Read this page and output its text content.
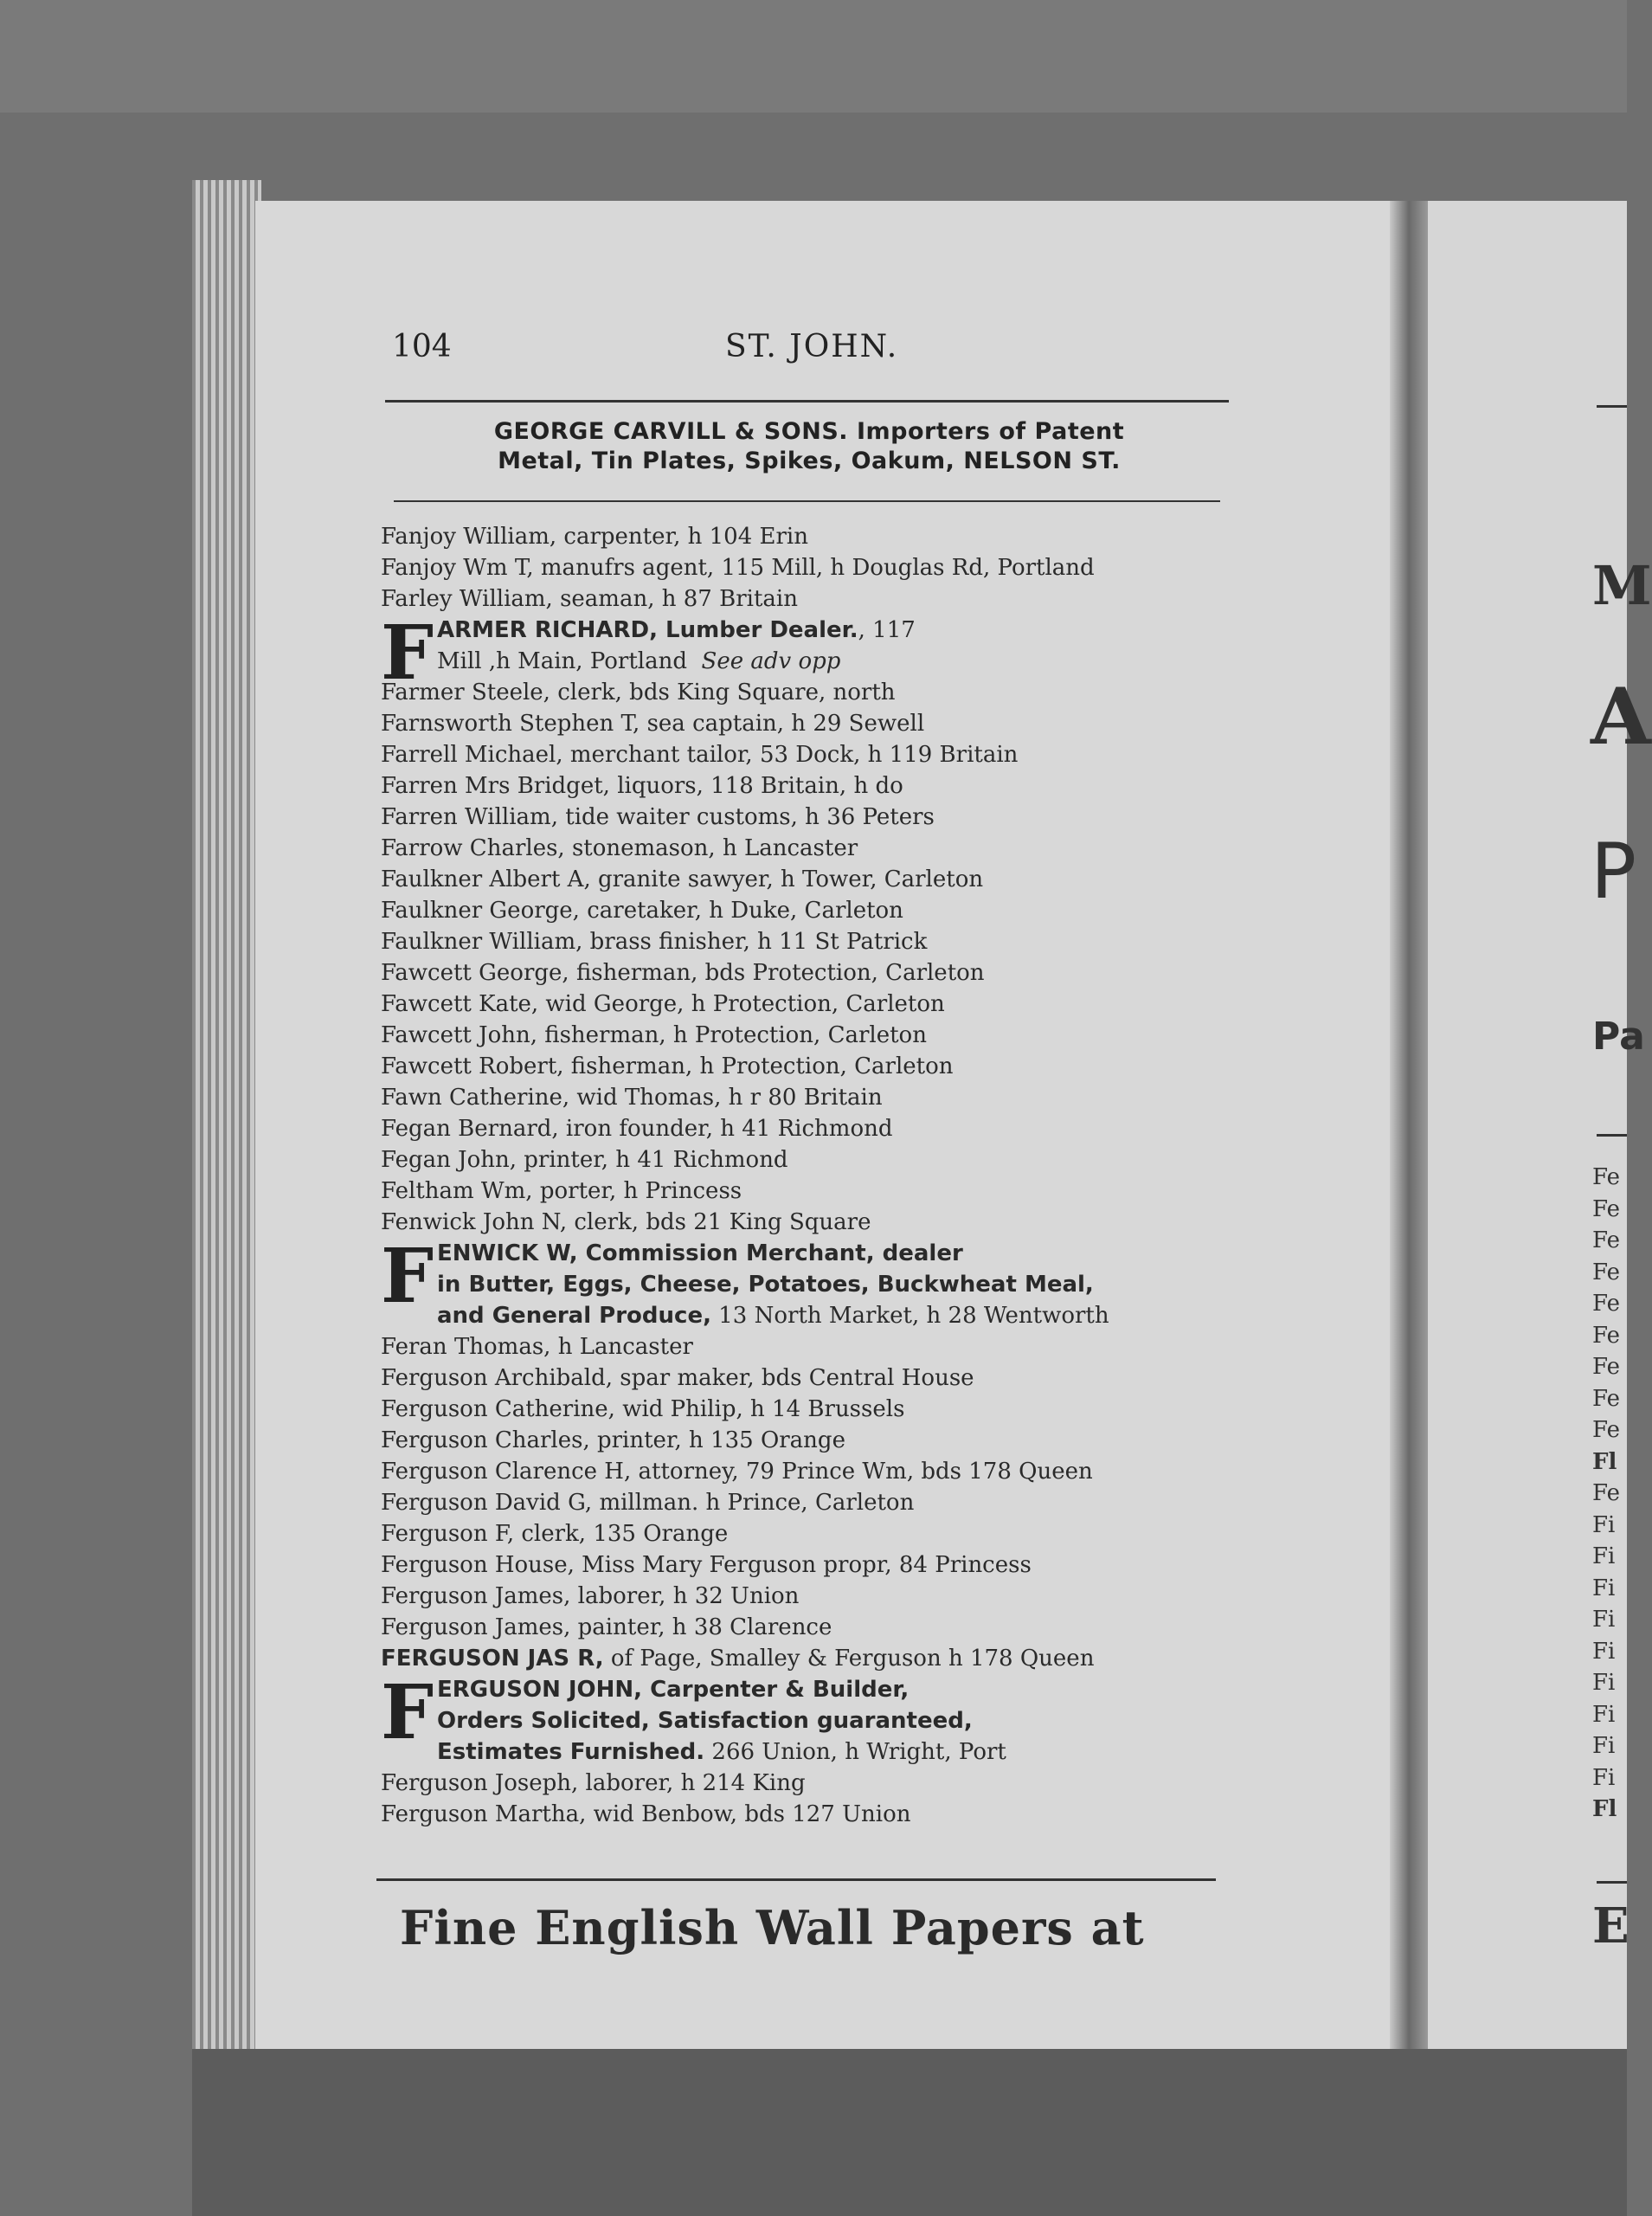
104	ST. JOHN.
GEORGE CARVILL & SONS. Importers of Patent
Metal, Tin Plates, Spikes, Oakum, NELSON ST.
Fanjoy William, carpenter, h 104 Erin
Fanjoy Wm T, manufrs agent, 115 Mill, h Douglas Rd, Portland
Farley William, seaman, h 87 Britain
F ARMER RICHARD, Lumber Dealer., 117
Mill ,h Main, Portland See adv opp
Farmer Steele, clerk, bds King Square, north
Farnsworth Stephen T, sea captain, h 29 Sewell
Farrell Michael, merchant tailor, 53 Dock, h 119 Britain
Farren Mrs Bridget, liquors, 118 Britain, h do
Farren William, tide waiter customs, h 36 Peters
Farrow Charles, stonemason, h Lancaster
Faulkner Albert A, granite sawyer, h Tower, Carleton
Faulkner George, caretaker, h Duke, Carleton
Faulkner William, brass finisher, h 11 St Patrick
Fawcett George, fisherman, bds Protection, Carleton
Fawcett Kate, wid George, h Protection, Carleton
Fawcett John, fisherman, h Protection, Carleton
Fawcett Robert, fisherman, h Protection, Carleton
Fawn Catherine, wid Thomas, h r 80 Britain
Fegan Bernard, iron founder, h 41 Richmond
Fegan John, printer, h 41 Richmond
Feltham Wm, porter, h Princess
Fenwick John N, clerk, bds 21 King Square
F ENWICK W, Commission Merchant, dealer
in Butter, Eggs, Cheese, Potatoes, Buckwheat Meal,
and General Produce, 13 North Market, h 28 Wentworth
Feran Thomas, h Lancaster
Ferguson Archibald, spar maker, bds Central House
Ferguson Catherine, wid Philip, h 14 Brussels
Ferguson Charles, printer, h 135 Orange
Ferguson Clarence H, attorney, 79 Prince Wm, bds 178 Queen
Ferguson David G, millman. h Prince, Carleton
Ferguson F, clerk, 135 Orange
Ferguson House, Miss Mary Ferguson propr, 84 Princess
Ferguson James, laborer, h 32 Union
Ferguson James, painter, h 38 Clarence
FERGUSON JAS R, of Page, Smalley & Ferguson h 178 Queen
F ERGUSON JOHN, Carpenter & Builder,
Orders Solicited, Satisfaction guaranteed,
Estimates Furnished. 266 Union, h Wright, Port
Ferguson Joseph, laborer, h 214 King
Ferguson Martha, wid Benbow, bds 127 Union
Fine English Wall Papers at
M
A
P
Pa
Fe
Fe
Fe
Fe
Fe
Fe
Fe
Fe
Fe
Fl
Fe
Fi
Fi
Fi
Fi
Fi
Fi
Fi
Fi
Fi
Fl
E
